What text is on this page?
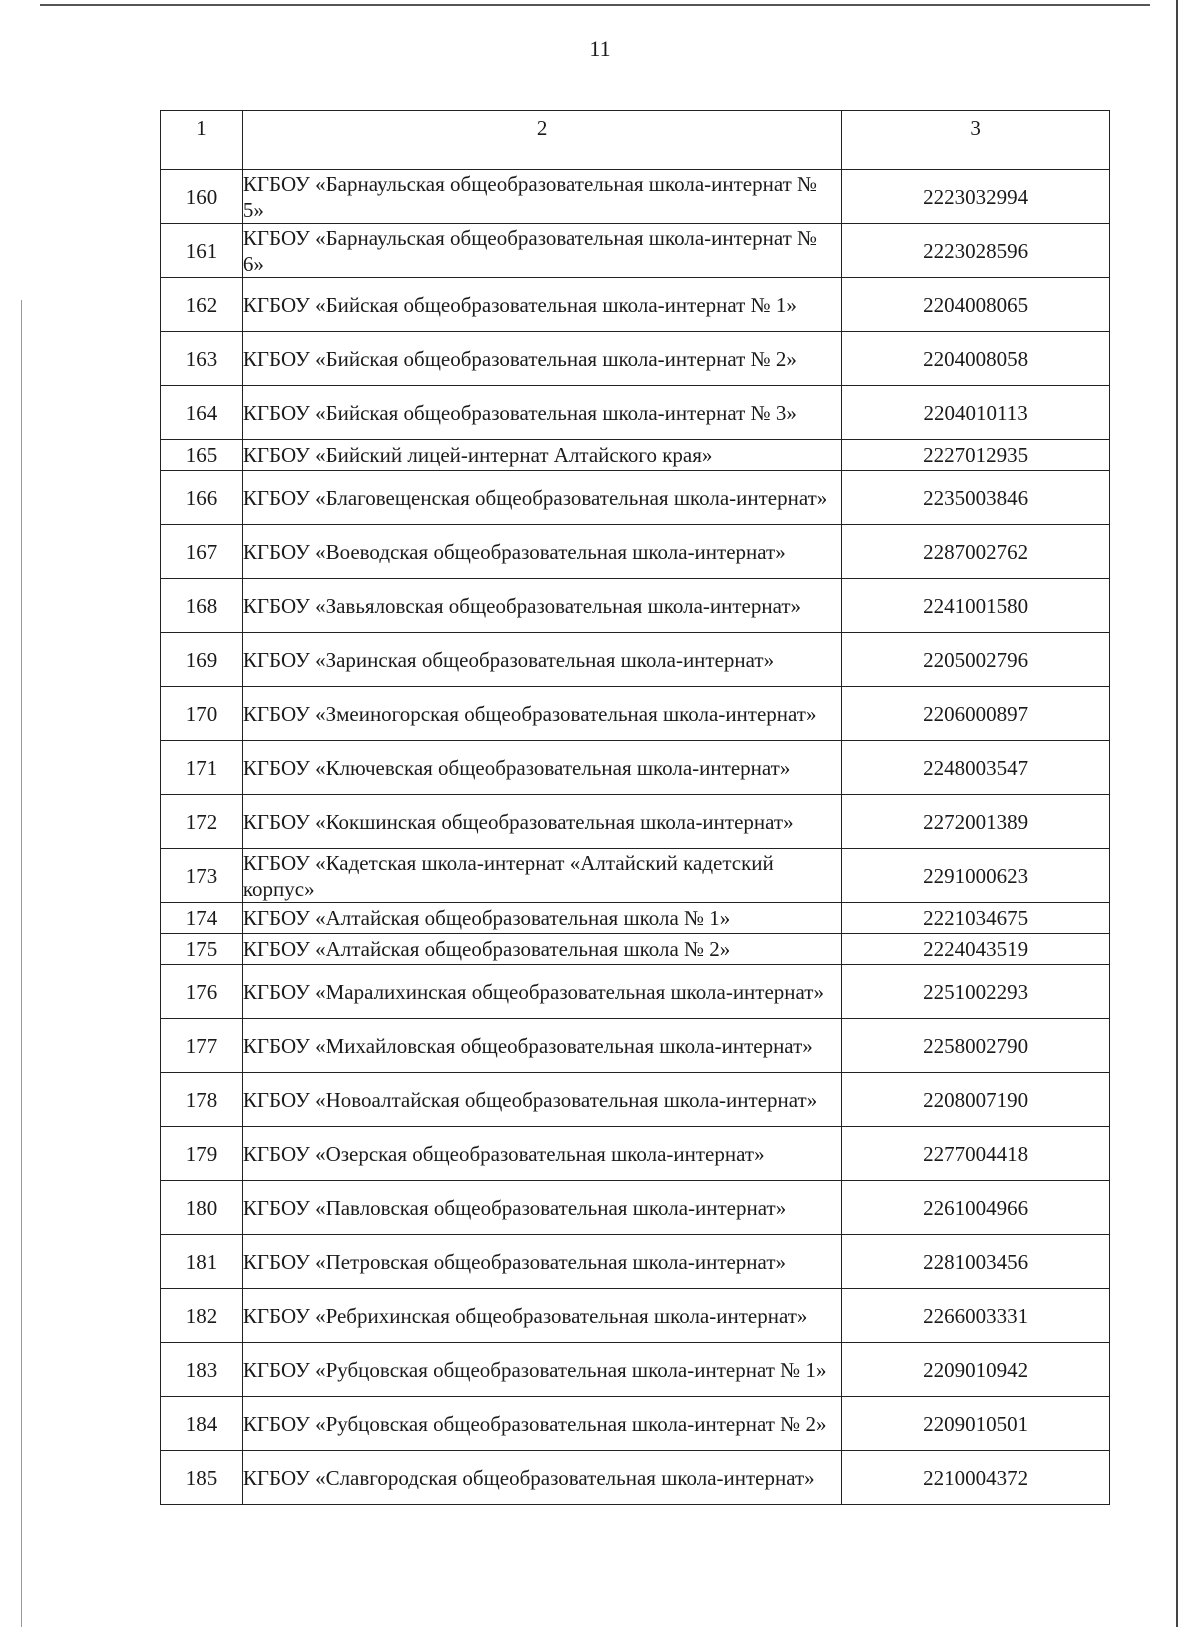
11
1	2	3
160	КГБОУ «Барнаульская общеобразовательная школа-интернат № 5»	2223032994
161	КГБОУ «Барнаульская общеобразовательная школа-интернат № 6»	2223028596
162	КГБОУ «Бийская общеобразовательная школа-интернат № 1»	2204008065
163	КГБОУ «Бийская общеобразовательная школа-интернат № 2»	2204008058
164	КГБОУ «Бийская общеобразовательная школа-интернат № 3»	2204010113
165	КГБОУ «Бийский лицей-интернат Алтайского края»	2227012935
166	КГБОУ «Благовещенская общеобразовательная школа-интернат»	2235003846
167	КГБОУ «Воеводская общеобразовательная школа-интернат»	2287002762
168	КГБОУ «Завьяловская общеобразовательная школа-интернат»	2241001580
169	КГБОУ «Заринская общеобразовательная школа-интернат»	2205002796
170	КГБОУ «Змеиногорская общеобразовательная школа-интернат»	2206000897
171	КГБОУ «Ключевская общеобразовательная школа-интернат»	2248003547
172	КГБОУ «Кокшинская общеобразовательная школа-интернат»	2272001389
173	КГБОУ «Кадетская школа-интернат «Алтайский кадетский корпус»	2291000623
174	КГБОУ «Алтайская общеобразовательная школа № 1»	2221034675
175	КГБОУ «Алтайская общеобразовательная школа № 2»	2224043519
176	КГБОУ «Маралихинская общеобразовательная школа-интернат»	2251002293
177	КГБОУ «Михайловская общеобразовательная школа-интернат»	2258002790
178	КГБОУ «Новоалтайская общеобразовательная школа-интернат»	2208007190
179	КГБОУ «Озерская общеобразовательная школа-интернат»	2277004418
180	КГБОУ «Павловская общеобразовательная школа-интернат»	2261004966
181	КГБОУ «Петровская общеобразовательная школа-интернат»	2281003456
182	КГБОУ «Ребрихинская общеобразовательная школа-интернат»	2266003331
183	КГБОУ «Рубцовская общеобразовательная школа-интернат № 1»	2209010942
184	КГБОУ «Рубцовская общеобразовательная школа-интернат № 2»	2209010501
185	КГБОУ «Славгородская общеобразовательная школа-интернат»	2210004372
